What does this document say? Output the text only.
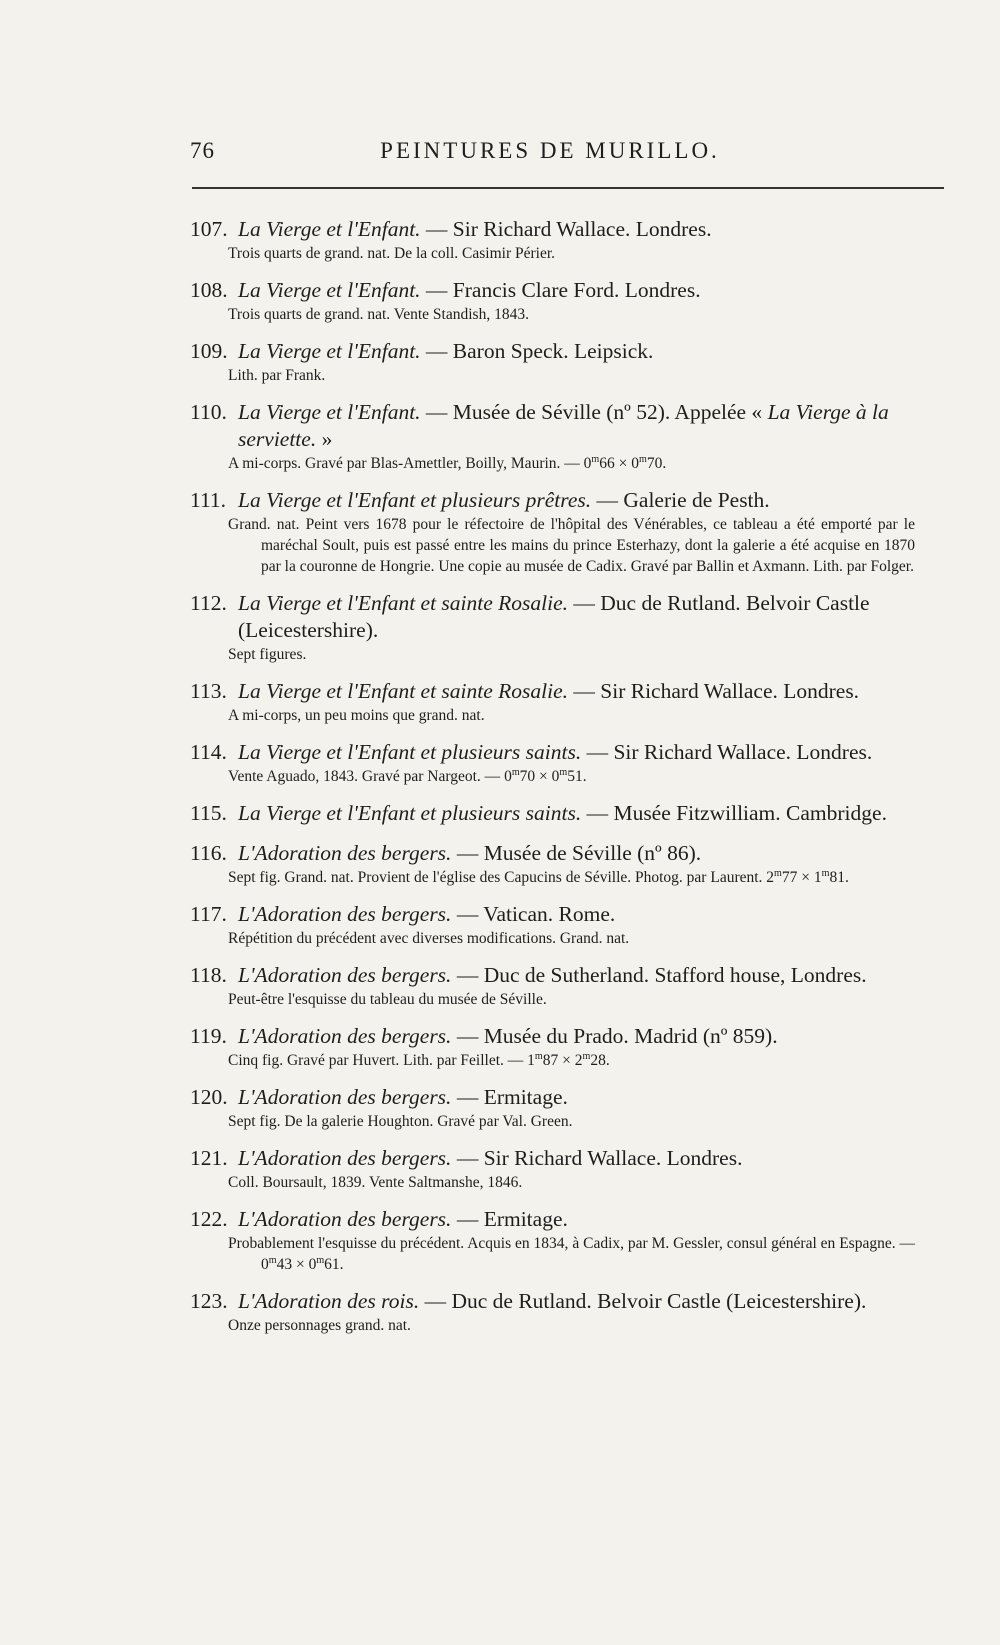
76	PEINTURES DE MURILLO.
107. La Vierge et l'Enfant. — Sir Richard Wallace. Londres.
Trois quarts de grand. nat. De la coll. Casimir Périer.
108. La Vierge et l'Enfant. — Francis Clare Ford. Londres.
Trois quarts de grand. nat. Vente Standish, 1843.
109. La Vierge et l'Enfant. — Baron Speck. Leipsick.
Lith. par Frank.
110. La Vierge et l'Enfant. — Musée de Séville (nº 52). Appelée « La Vierge à la serviette. »
A mi-corps. Gravé par Blas-Amettler, Boilly, Maurin. — $0^m66 \times 0^m70$.
111. La Vierge et l'Enfant et plusieurs prêtres. — Galerie de Pesth.
Grand. nat. Peint vers 1678 pour le réfectoire de l'hôpital des Vénérables, ce tableau a été emporté par le maréchal Soult, puis est passé entre les mains du prince Esterhazy, dont la galerie a été acquise en 1870 par la couronne de Hongrie. Une copie au musée de Cadix. Gravé par Ballin et Axmann. Lith. par Folger.
112. La Vierge et l'Enfant et sainte Rosalie. — Duc de Rutland. Belvoir Castle (Leicestershire).
Sept figures.
113. La Vierge et l'Enfant et sainte Rosalie. — Sir Richard Wallace. Londres.
A mi-corps, un peu moins que grand. nat.
114. La Vierge et l'Enfant et plusieurs saints. — Sir Richard Wallace. Londres.
Vente Aguado, 1843. Gravé par Nargeot. — $0^m70 \times 0^m51$.
115. La Vierge et l'Enfant et plusieurs saints. — Musée Fitzwilliam. Cambridge.
116. L'Adoration des bergers. — Musée de Séville (nº 86).
Sept fig. Grand. nat. Provient de l'église des Capucins de Séville. Photog. par Laurent. $2^m77 \times 1^m81$.
117. L'Adoration des bergers. — Vatican. Rome.
Répétition du précédent avec diverses modifications. Grand. nat.
118. L'Adoration des bergers. — Duc de Sutherland. Stafford house, Londres.
Peut-être l'esquisse du tableau du musée de Séville.
119. L'Adoration des bergers. — Musée du Prado. Madrid (nº 859).
Cinq fig. Gravé par Huvert. Lith. par Feillet. — $1^m87 \times 2^m28$.
120. L'Adoration des bergers. — Ermitage.
Sept fig. De la galerie Houghton. Gravé par Val. Green.
121. L'Adoration des bergers. — Sir Richard Wallace. Londres.
Coll. Boursault, 1839. Vente Saltmanshe, 1846.
122. L'Adoration des bergers. — Ermitage.
Probablement l'esquisse du précédent. Acquis en 1834, à Cadix, par M. Gessler, consul général en Espagne. — $0^m43 \times 0^m61$.
123. L'Adoration des rois. — Duc de Rutland. Belvoir Castle (Leicestershire).
Onze personnages grand. nat.
